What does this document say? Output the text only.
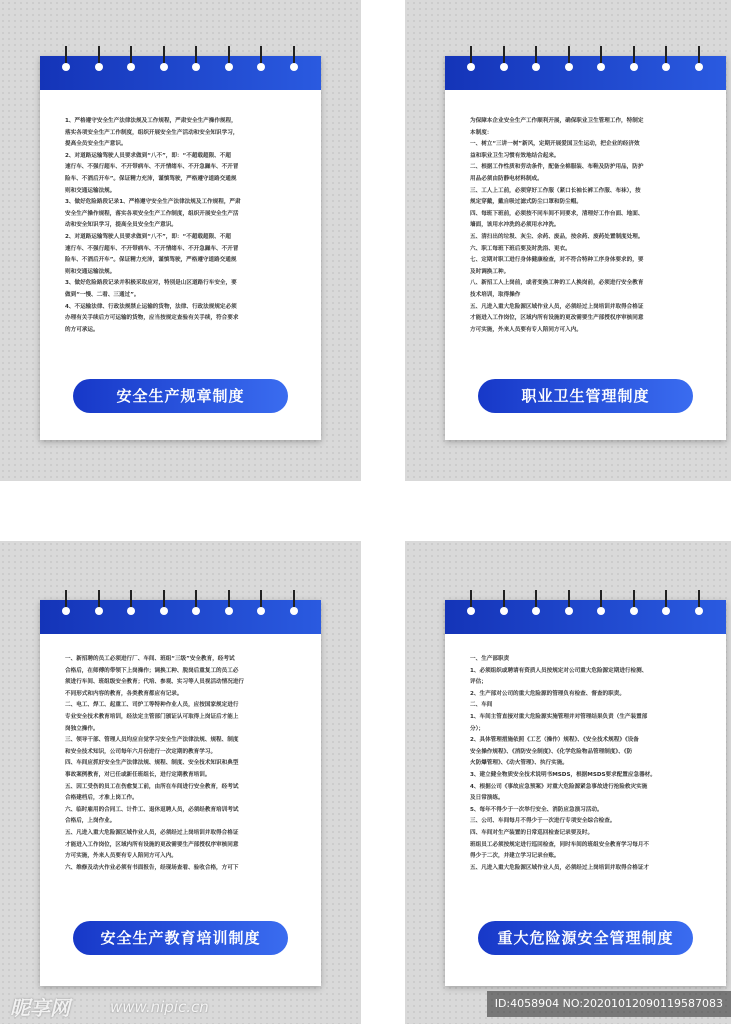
1、严格遵守安全生产法律法规及工作规程，严肃安全生产操作规程，
落实各项安全生产工作制度，组织开展安全生产活动和安全知识学习，
提高全员安全生产意识。
2、对道路运输驾驶人员要求做到“八不”，即：“不超载超限、不超
速行车、不强行超车、不开带病车、不开情绪车、不开急躁车、不开冒
险车、不酒后开车”。保证精力充沛，谨慎驾驶，严格遵守道路交通规
则和交通运输法规。
3、做好危险路段记录1、严格遵守安全生产法律法规及工作规程，严肃
安全生产操作规程，落实各项安全生产工作制度，组织开展安全生产活
动和安全知识学习，提高全员安全生产意识。
2、对道路运输驾驶人员要求做到“八不”，即：“不超载超限、不超
速行车、不强行超车、不开带病车、不开情绪车、不开急躁车、不开冒
险车、不酒后开车”。保证精力充沛，谨慎驾驶，严格遵守道路交通规
则和交通运输法规。
3、做好危险路段记录并积极采取应对，特别是山区道路行车安全，要
做到“一慢、二看、三通过”。
4、不运输法律、行政法规禁止运输的货物，法律、行政法规规定必须
办理有关手续后方可运输的货物，应当按规定查验有关手续，符合要求
的方可承运。
安全生产规章制度
为保障本企业安全生产工作顺利开展，确保职业卫生管理工作，特制定
本制度：
一、树立“三讲一树”新风，定期开展爱国卫生运动，把企业的经济效
益和职业卫生习惯有效地结合起来。
二、根据工作性质和劳动条件，配备全棉服装、布鞋及防护用品，防护
用品必须由防静电材料制成。
三、工人上工前，必须穿好工作服（紧口长袖长裤工作服、布袜），按
规定穿戴，戴自吸过滤式防尘口罩和防尘帽。
四、每班下班前，必须按不同车间不同要求，清理好工作台面、地面、
墙面，该用水冲洗的必须用水冲洗。
五、清扫出的垃圾、灰尘、余药、废品，按余药、废药处置制度处理。
六、职工每班下班后要及时洗浴、更衣。
七、定期对职工进行身体健康检查，对不符合特种工序身体要求的，要
及时调换工种。
八、新招工人上岗前，或者变换工种的工人换岗前，必须进行安全教育
技术培训，取得操作
五、凡进入重大危险源区域作业人员，必须经过上岗培训并取得合格证
才能进入工作岗位，区域内所有设施的更改需要生产部授权序审核同意
方可实施，外来人员要有专人陪同方可入内。
职业卫生管理制度
一、新招聘的员工必须进行厂、车间、班组“三级”安全教育，经考试
合格后，在师傅的带领下上岗操作；调换工种、脱岗后重复工的员工必
须进行车间、班组级安全教育；代培、参观、实习等人员视活动情况进行
不同形式和内容的教育，各类教育都应有记录。
二、电工、焊工、起重工、司炉工等特种作业人员，应按国家规定进行
专业安全技术教育培训，经法定主管部门颁证认可取得上岗证后才能上
岗独立操作。
三、领导干部、管理人员均应自觉学习安全生产法律法规、规程、制度
和安全技术知识，公司每年六月份进行一次定期的教育学习。
四、车间应抓好安全生产法律法规、规程、制度、安全技术知识和典型
事故案例教育，对已任或新任班组长，进行定期教育培训。
五、因工受伤的员工在伤愈复工前，由所在车间进行安全教育，经考试
合格建档后，才准上岗工作。
六、临时雇用的合同工、计件工、退休返聘人员，必须经教育培训考试
合格后，上岗作业。
五、凡进入重大危险源区域作业人员，必须经过上岗培训并取得合格证
才能进入工作岗位，区域内所有设施的更改需要生产部授权序审核同意
方可实施，外来人员要有专人陪同方可入内。
六、维修及动火作业必须有书面报告，经现场查看、验收合格，方可下
安全生产教育培训制度
一、生产部职责
1、必须组织或聘请有资质人员按规定对公司重大危险源定期进行检测、
评估；
2、生产部对公司的重大危险源的管理负有检查、督查的职责。
二、车间
1、车间主管直接对重大危险源实施管理并对管理结果负责（生产装置部
分）；
2、具体管理措施依照《工艺（操作）规程》、《安全技术规程》《设备
安全操作规程》、《消防安全制度》、《化学危险物品管理制度》、《防
火防爆管理》、《动火管理》、执行实施。
3、建立健全物质安全技术说明书MSDS，根据MSDS要求配置应急器材。
4、根据公司《事故应急预案》对重大危险源紧急事故进行抢险救灾实施
及日常演练。
5、每年不得少于一次举行安全、消防应急演习活动。
三、公司、车间每月不得少于一次进行专项安全综合检查。
四、车间对生产装置的日常巡回检查记录要及时。
班组员工必须按规定进行巡回检查，同时车间的班组安全教育学习每月不
得少于二次，并建立学习记录台账。
五、凡进入重大危险源区域作业人员，必须经过上岗培训并取得合格证才
重大危险源安全管理制度
昵享网	www.nipic.cn	ID:4058904 NO:20201012090119587083
